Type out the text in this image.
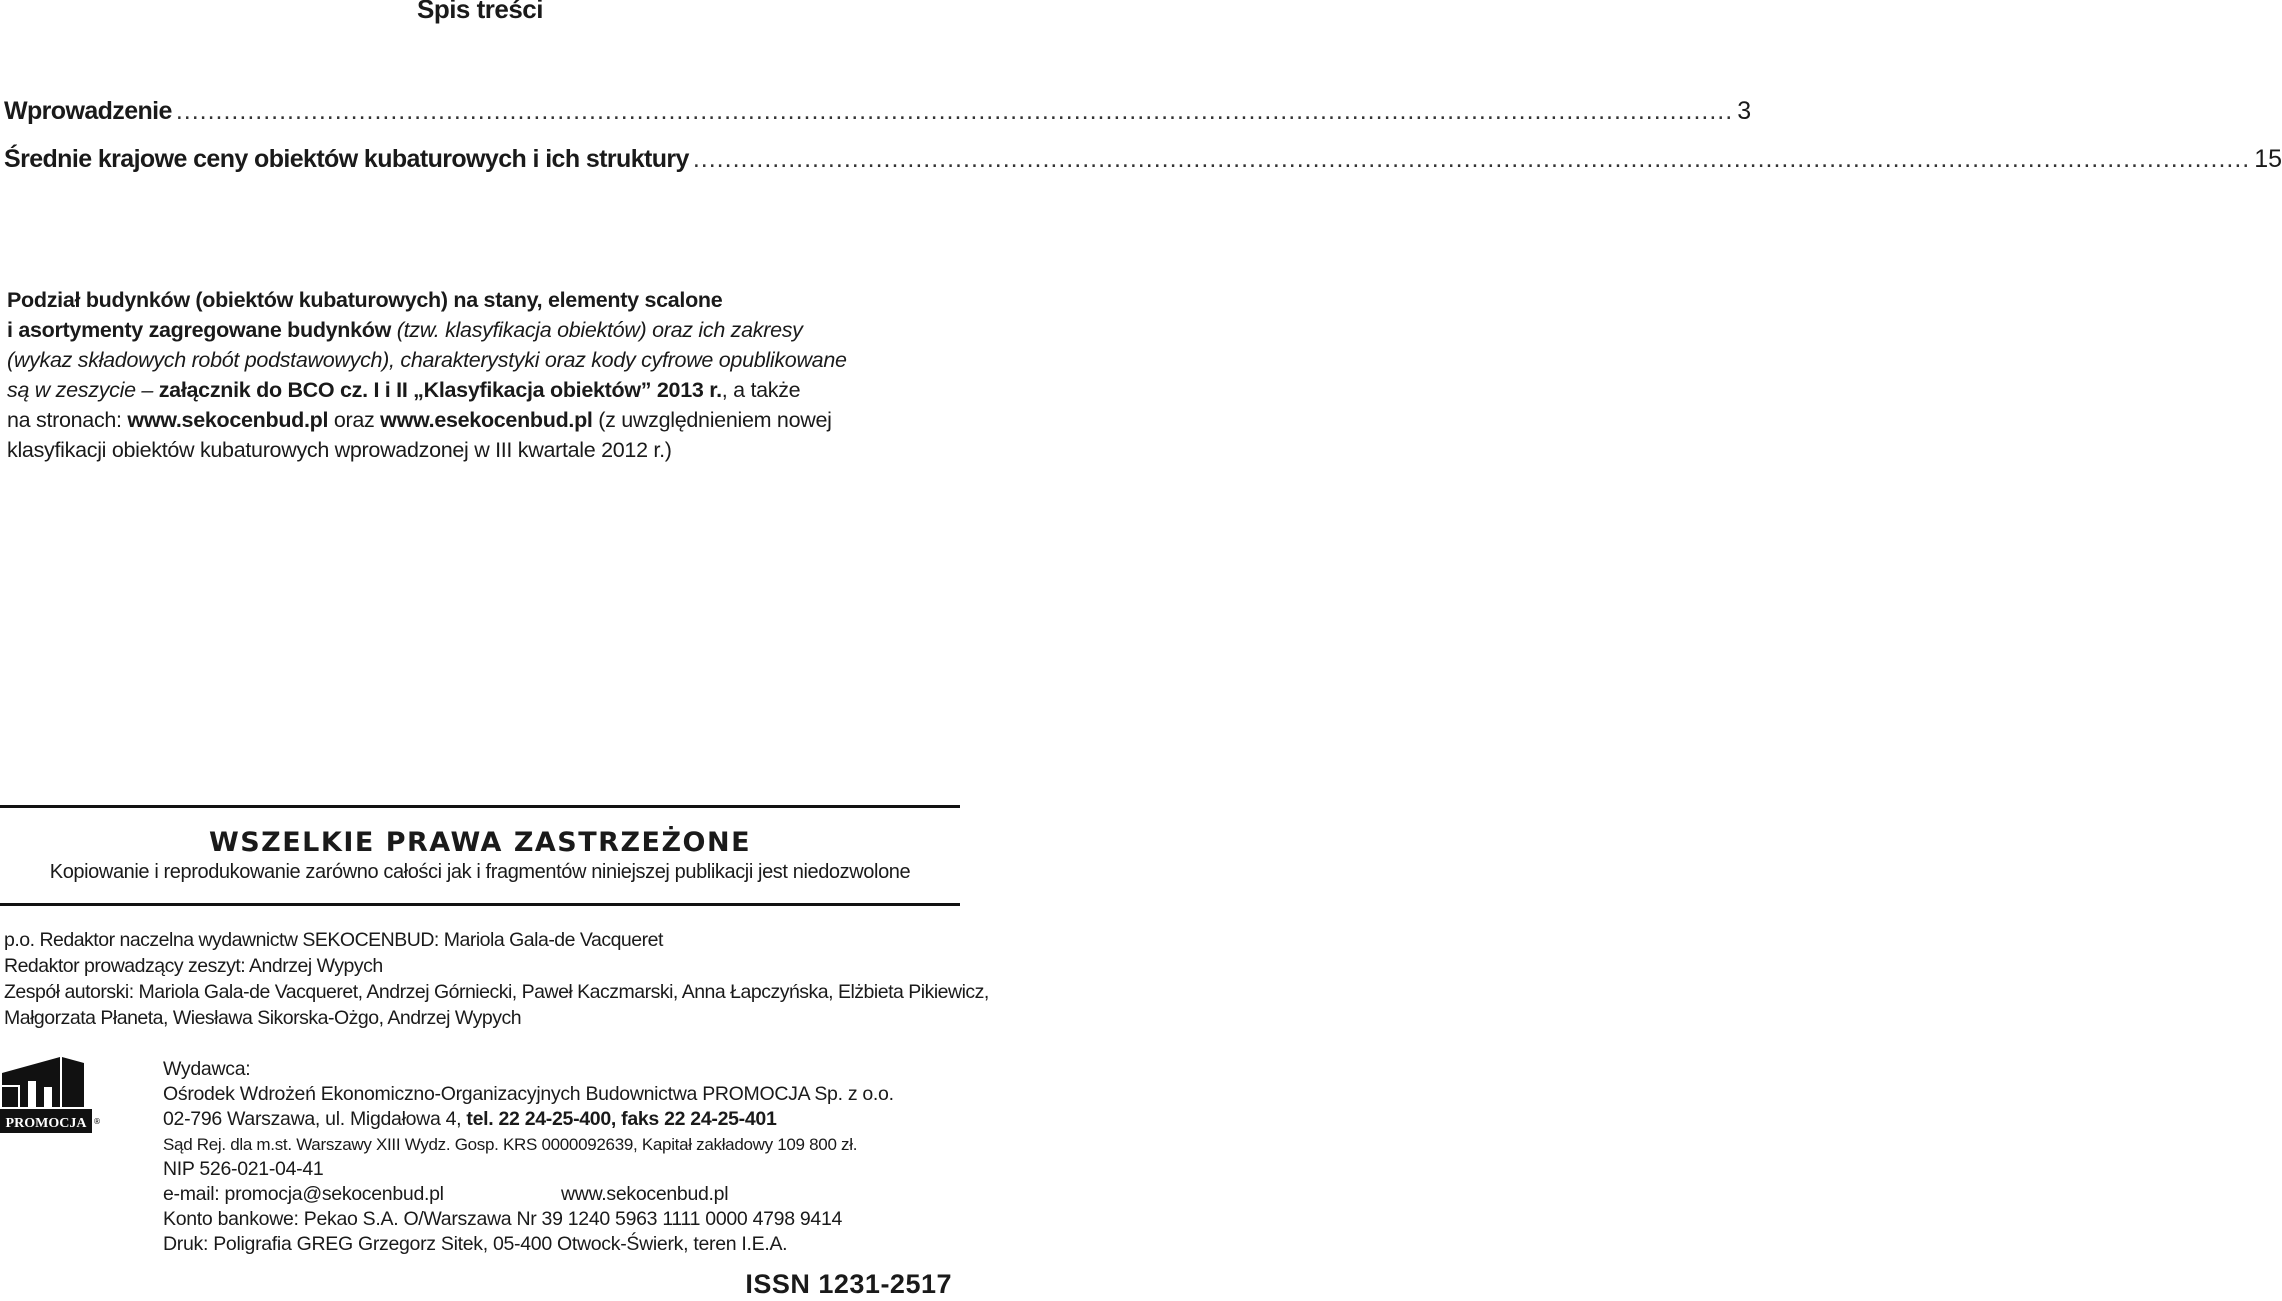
Spis treści
Wprowadzenie .................................................................................................................................................................................................... 3
Średnie krajowe ceny obiektów kubaturowych i ich struktury .................................................................................................................................................................................................... 15
Podział budynków (obiektów kubaturowych) na stany, elementy scalone
i asortymenty zagregowane budynków (tzw. klasyfikacja obiektów) oraz ich zakresy
(wykaz składowych robót podstawowych), charakterystyki oraz kody cyfrowe opublikowane
są w zeszycie – załącznik do BCO cz. I i II „Klasyfikacja obiektów” 2013 r., a także
na stronach: www.sekocenbud.pl oraz www.esekocenbud.pl (z uwzględnieniem nowej
klasyfikacji obiektów kubaturowych wprowadzonej w III kwartale 2012 r.)
WSZELKIE PRAWA ZASTRZEŻONE
Kopiowanie i reprodukowanie zarówno całości jak i fragmentów niniejszej publikacji jest niedozwolone
p.o. Redaktor naczelna wydawnictw SEKOCENBUD: Mariola Gala-de Vacqueret
Redaktor prowadzący zeszyt: Andrzej Wypych
Zespół autorski: Mariola Gala-de Vacqueret, Andrzej Górniecki, Paweł Kaczmarski, Anna Łapczyńska, Elżbieta Pikiewicz,
Małgorzata Płaneta, Wiesława Sikorska-Ożgo, Andrzej Wypych
PROMOCJA ®
Wydawca:
Ośrodek Wdrożeń Ekonomiczno-Organizacyjnych Budownictwa PROMOCJA Sp. z o.o.
02-796 Warszawa, ul. Migdałowa 4, tel. 22 24-25-400, faks 22 24-25-401
Sąd Rej. dla m.st. Warszawy XIII Wydz. Gosp. KRS 0000092639, Kapitał zakładowy 109 800 zł.
NIP 526-021-04-41
e-mail: promocja@sekocenbud.pl	www.sekocenbud.pl
Konto bankowe: Pekao S.A. O/Warszawa Nr 39 1240 5963 1111 0000 4798 9414
Druk: Poligrafia GREG Grzegorz Sitek, 05-400 Otwock-Świerk, teren I.E.A.
ISSN 1231-2517
